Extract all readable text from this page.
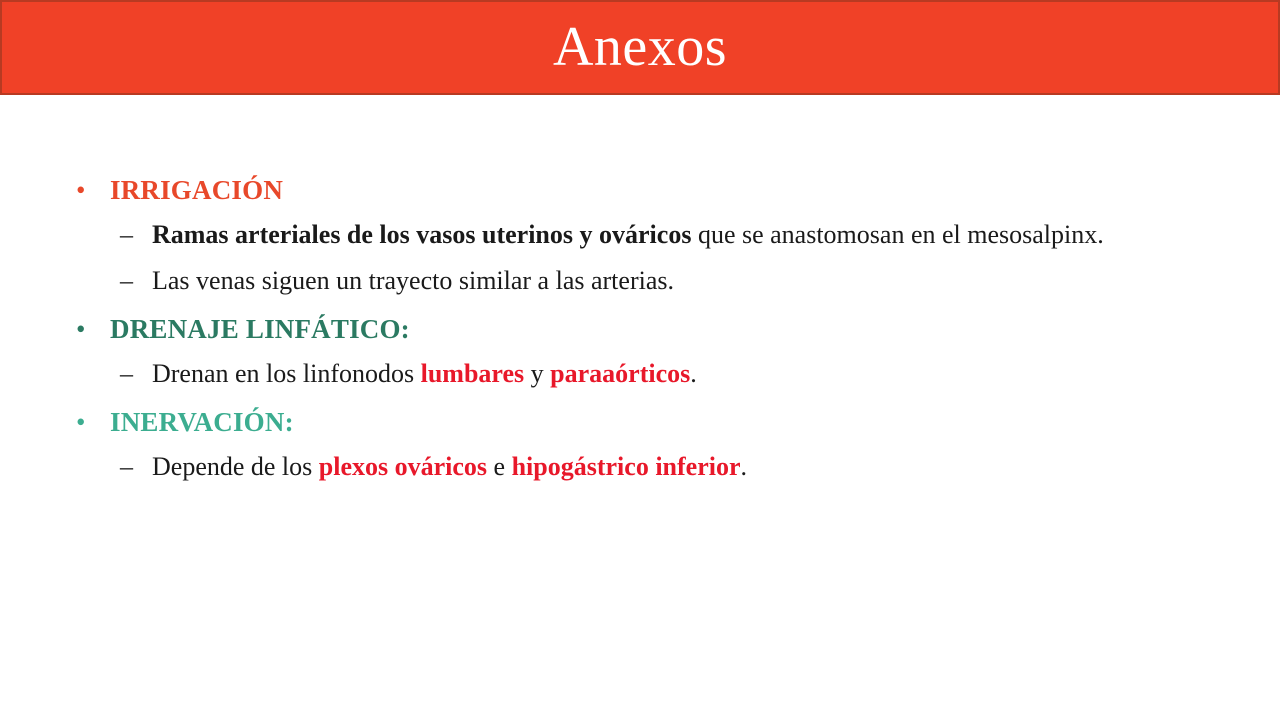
Anexos
• IRRIGACIÓN
– Ramas arteriales de los vasos uterinos y ováricos que se anastomosan en el mesosalpinx.
– Las venas siguen un trayecto similar a las arterias.
• DRENAJE LINFÁTICO:
– Drenan en los linfonodos lumbares y paraaórticos.
• INERVACIÓN:
– Depende de los plexos ováricos e hipogástrico inferior.
